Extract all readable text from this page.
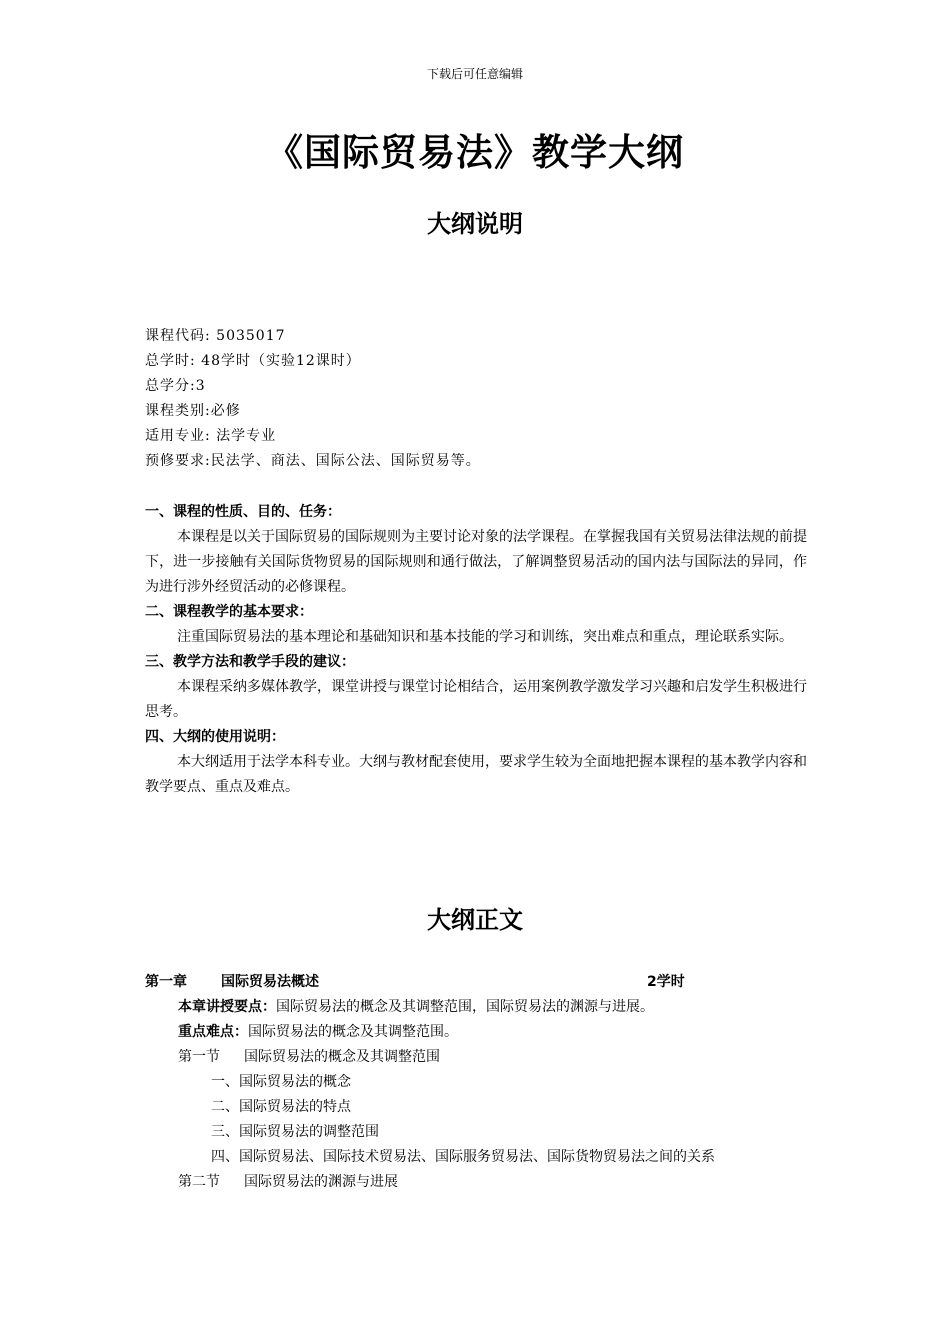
下载后可任意编辑
《国际贸易法》教学大纲
大纲说明
课程代码: 5035017
总学时: 48学时（实验12课时）
总学分:3
课程类别:必修
适用专业: 法学专业
预修要求:民法学、商法、国际公法、国际贸易等。
一、课程的性质、目的、任务：

本课程是以关于国际贸易的国际规则为主要讨论对象的法学课程。在掌握我国有关贸易法律法规的前提下，进一步接触有关国际货物贸易的国际规则和通行做法，了解调整贸易活动的国内法与国际法的异同，作为进行涉外经贸活动的必修课程。

二、课程教学的基本要求：

注重国际贸易法的基本理论和基础知识和基本技能的学习和训练，突出难点和重点，理论联系实际。

三、教学方法和教学手段的建议：

本课程采纳多媒体教学，课堂讲授与课堂讨论相结合，运用案例教学激发学习兴趣和启发学生积极进行思考。

四、大纲的使用说明：

本大纲适用于法学本科专业。大纲与教材配套使用，要求学生较为全面地把握本课程的基本教学内容和教学要点、重点及难点。

大纲正文
第一章 国际贸易法概述	2学时
本章讲授要点：国际贸易法的概念及其调整范围，国际贸易法的渊源与进展。
重点难点：国际贸易法的概念及其调整范围。
第一节 国际贸易法的概念及其调整范围
一、国际贸易法的概念
二、国际贸易法的特点
三、国际贸易法的调整范围

四、国际贸易法、国际技术贸易法、国际服务贸易法、国际货物贸易法之间的关系

第二节 国际贸易法的渊源与进展
